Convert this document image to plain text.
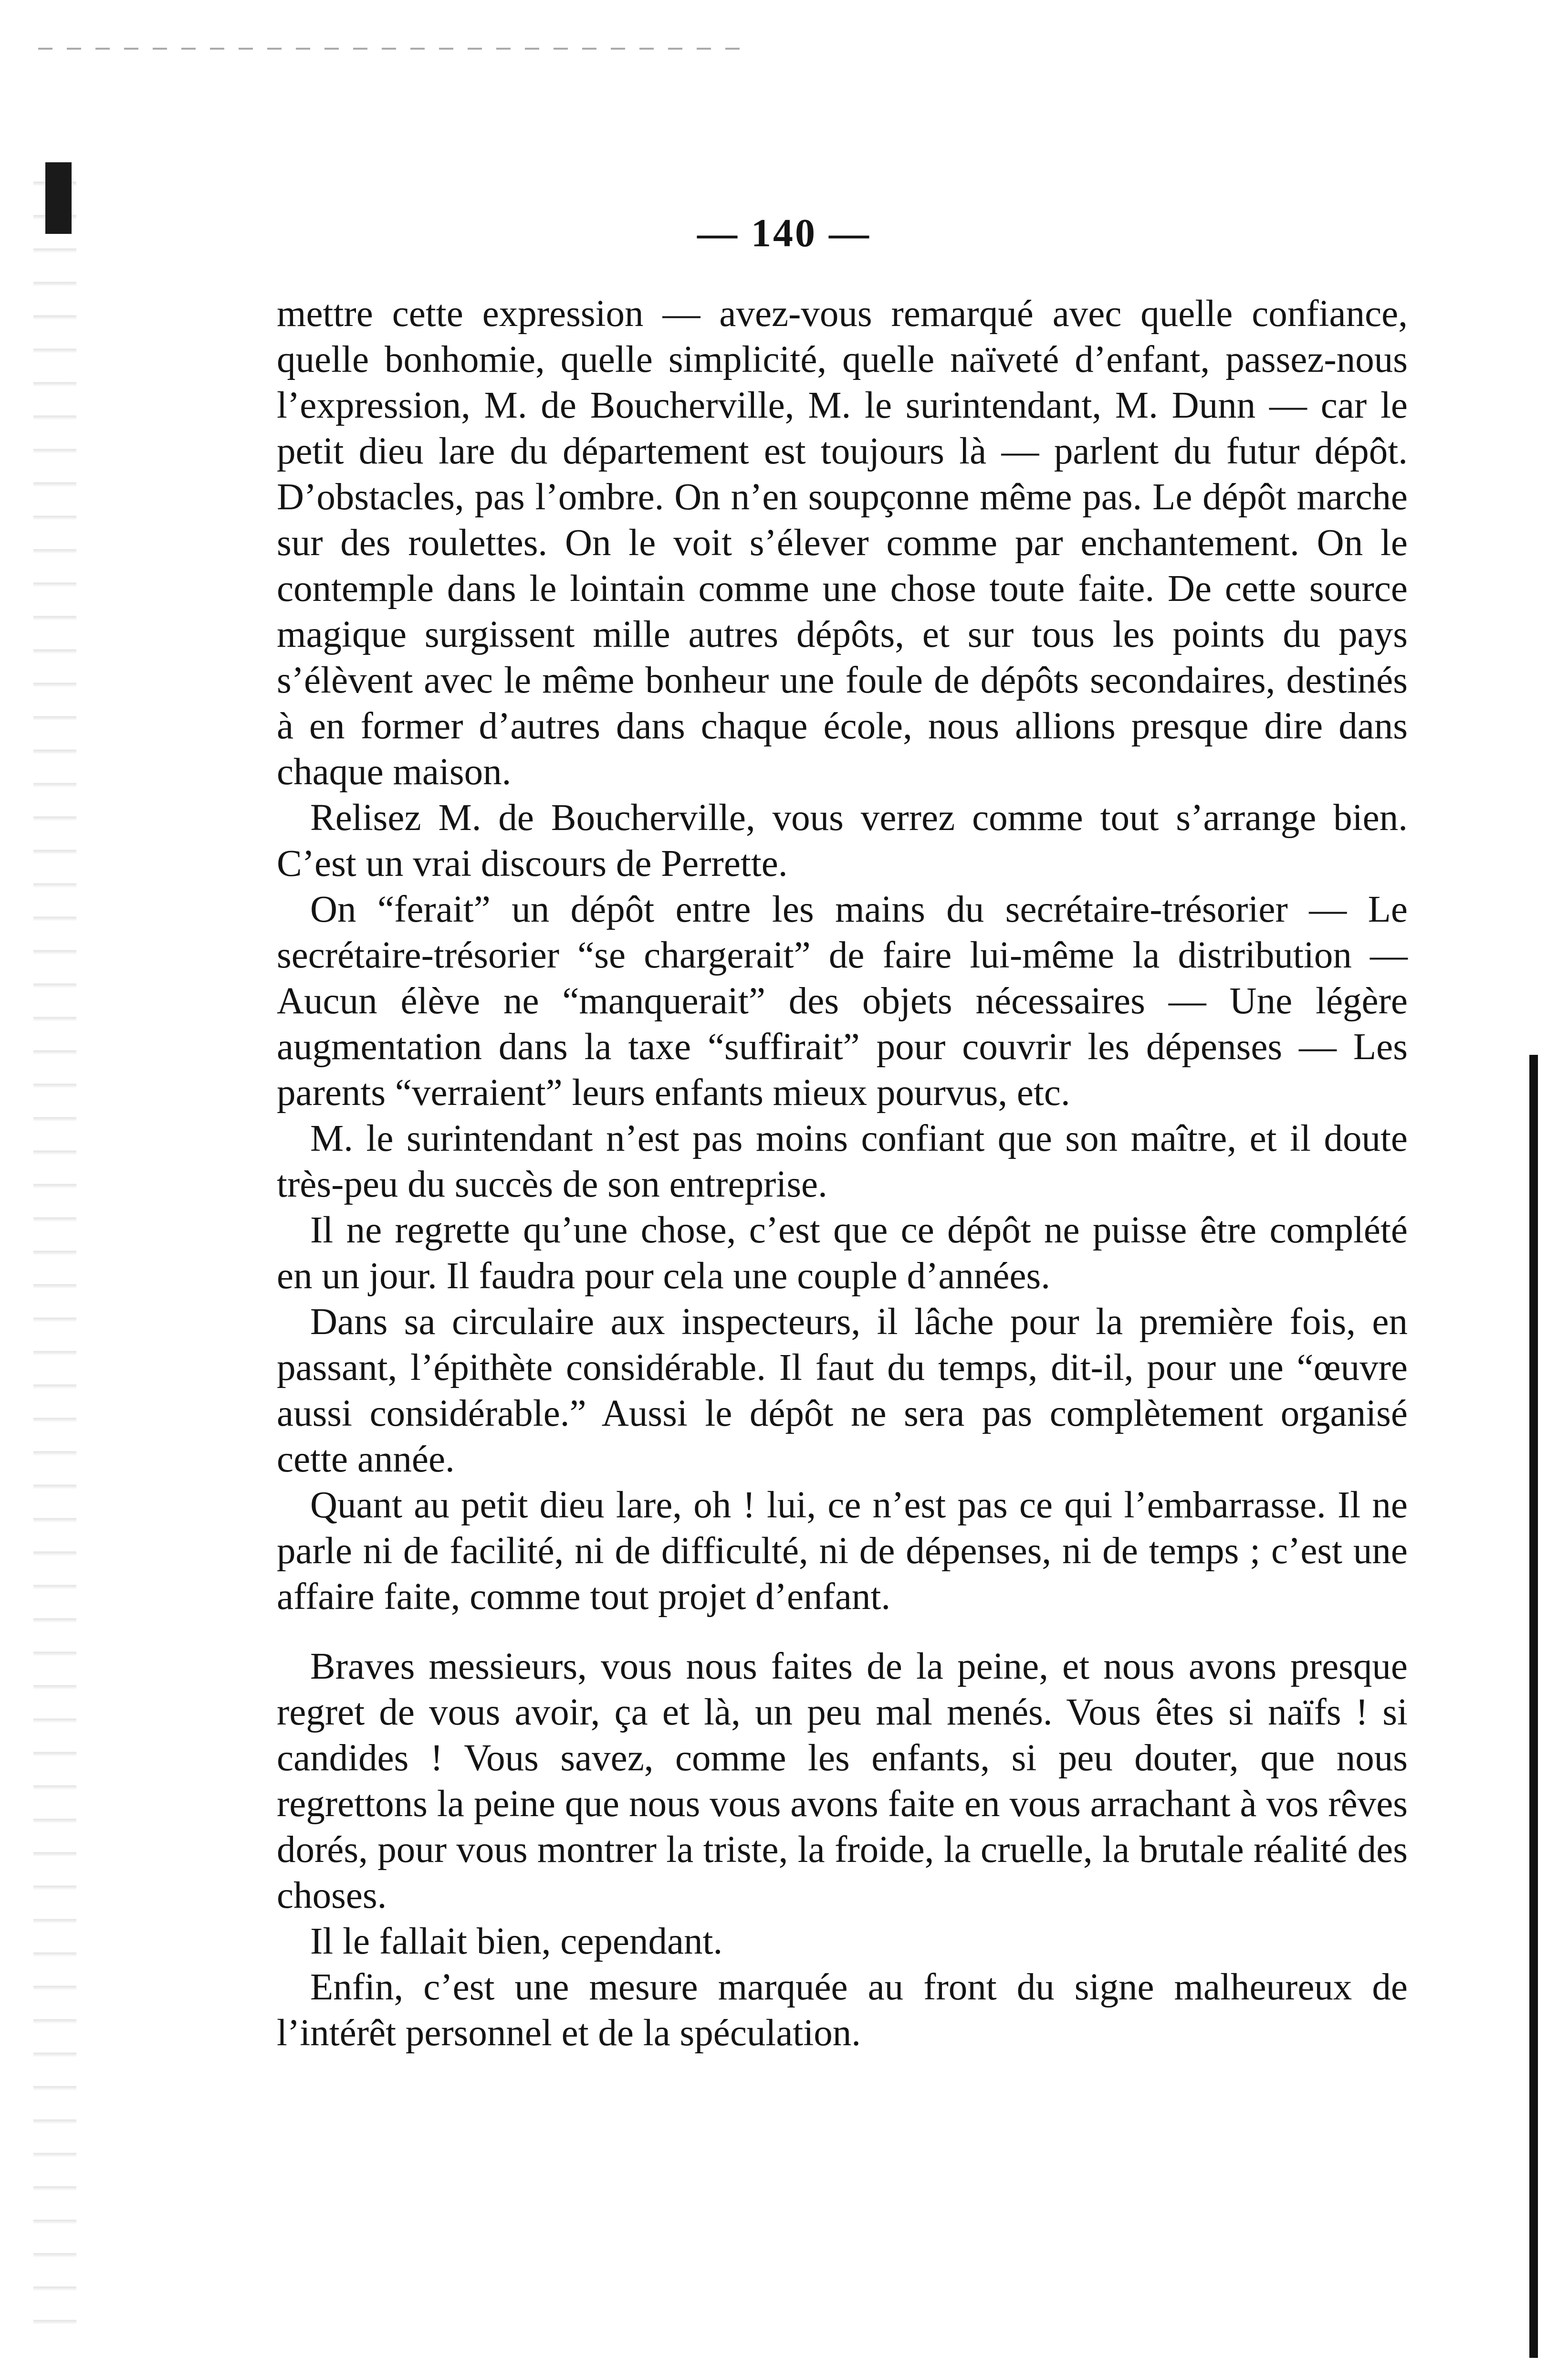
— 140 —

mettre cette expression — avez-vous remarqué avec quelle confiance, quelle bonhomie, quelle simplicité, quelle naïveté d’enfant, passez-nous l’expression, M. de Boucherville, M. le surintendant, M. Dunn — car le petit dieu lare du département est toujours là — parlent du futur dépôt. D’obstacles, pas l’ombre. On n’en soupçonne même pas. Le dépôt marche sur des roulettes. On le voit s’élever comme par enchantement. On le contemple dans le lointain comme une chose toute faite. De cette source magique surgissent mille autres dépôts, et sur tous les points du pays s’élèvent avec le même bonheur une foule de dépôts secondaires, destinés à en former d’autres dans chaque école, nous allions presque dire dans chaque maison.

Relisez M. de Boucherville, vous verrez comme tout s’arrange bien. C’est un vrai discours de Perrette.

On “ferait” un dépôt entre les mains du secrétaire-trésorier — Le secrétaire-trésorier “se chargerait” de faire lui-même la distribution — Aucun élève ne “manquerait” des objets nécessaires — Une légère augmentation dans la taxe “suffirait” pour couvrir les dépenses — Les parents “verraient” leurs enfants mieux pourvus, etc.

M. le surintendant n’est pas moins confiant que son maître, et il doute très-peu du succès de son entreprise.

Il ne regrette qu’une chose, c’est que ce dépôt ne puisse être complété en un jour. Il faudra pour cela une couple d’années.

Dans sa circulaire aux inspecteurs, il lâche pour la première fois, en passant, l’épithète considérable. Il faut du temps, dit-il, pour une “œuvre aussi considérable.” Aussi le dépôt ne sera pas complètement organisé cette année.

Quant au petit dieu lare, oh ! lui, ce n’est pas ce qui l’embarrasse. Il ne parle ni de facilité, ni de difficulté, ni de dépenses, ni de temps ; c’est une affaire faite, comme tout projet d’enfant.

Braves messieurs, vous nous faites de la peine, et nous avons presque regret de vous avoir, ça et là, un peu mal menés. Vous êtes si naïfs ! si candides ! Vous savez, comme les enfants, si peu douter, que nous regrettons la peine que nous vous avons faite en vous arrachant à vos rêves dorés, pour vous montrer la triste, la froide, la cruelle, la brutale réalité des choses.

Il le fallait bien, cependant.

Enfin, c’est une mesure marquée au front du signe malheureux de l’intérêt personnel et de la spéculation.
